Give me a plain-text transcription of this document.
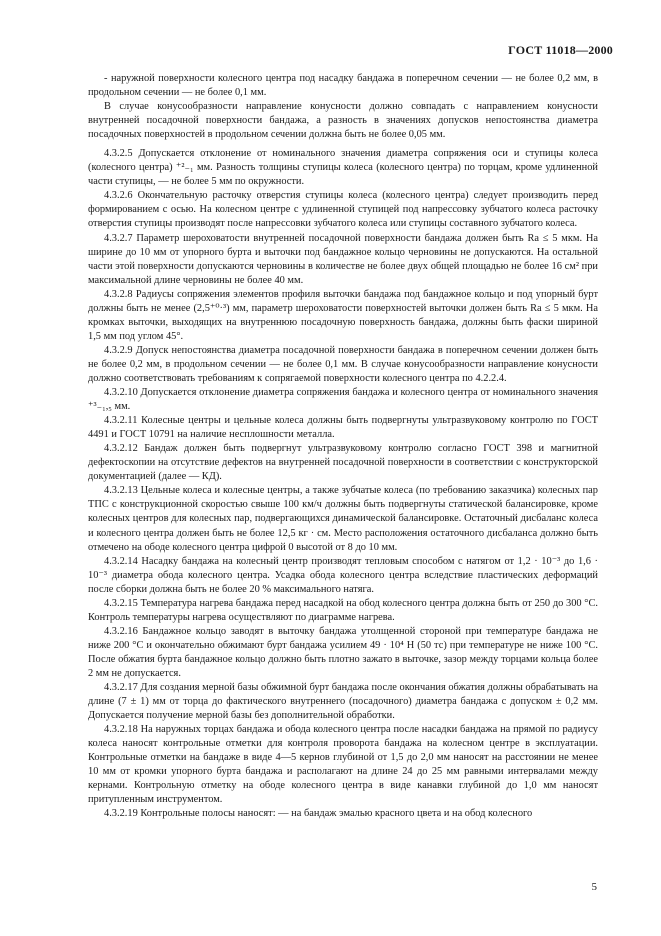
ГОСТ 11018—2000

- наружной поверхности колесного центра под насадку бандажа в поперечном сечении — не более 0,2 мм, в продольном сечении — не более 0,1 мм.

В случае конусообразности направление конусности должно совпадать с направлением конусности внутренней посадочной поверхности бандажа, а разность в значениях допусков непостоянства диаметра посадочных поверхностей в продольном сечении должна быть не более 0,05 мм.

4.3.2.5 Допускается отклонение от номинального значения диаметра сопряжения оси и ступицы колеса (колесного центра) ⁺²₋₁ мм. Разность толщины ступицы колеса (колесного центра) по торцам, кроме удлиненной части ступицы, — не более 5 мм по окружности.

4.3.2.6 Окончательную расточку отверстия ступицы колеса (колесного центра) следует производить перед формированием с осью. На колесном центре с удлиненной ступицей под напрессовку зубчатого колеса расточку отверстия ступицы производят после напрессовки зубчатого колеса или ступицы составного зубчатого колеса.

4.3.2.7 Параметр шероховатости внутренней посадочной поверхности бандажа должен быть Ra ≤ 5 мкм. На ширине до 10 мм от упорного бурта и выточки под бандажное кольцо черновины не допускаются. На остальной части этой поверхности допускаются черновины в количестве не более двух общей площадью не более 16 см² при максимальной длине черновины не более 40 мм.

4.3.2.8 Радиусы сопряжения элементов профиля выточки бандажа под бандажное кольцо и под упорный бурт должны быть не менее (2,5⁺⁰·³) мм, параметр шероховатости поверхностей выточки должен быть Ra ≤ 5 мкм. На кромках выточки, выходящих на внутреннюю посадочную поверхность бандажа, должны быть фаски шириной 1,5 мм под углом 45°.

4.3.2.9 Допуск непостоянства диаметра посадочной поверхности бандажа в поперечном сечении должен быть не более 0,2 мм, в продольном сечении — не более 0,1 мм. В случае конусообразности направление конусности должно соответствовать требованиям к сопрягаемой поверхности колесного центра по 4.2.2.4.

4.3.2.10 Допускается отклонение диаметра сопряжения бандажа и колесного центра от номинального значения ⁺³₋₁,₅ мм.

4.3.2.11 Колесные центры и цельные колеса должны быть подвергнуты ультразвуковому контролю по ГОСТ 4491 и ГОСТ 10791 на наличие несплошности металла.

4.3.2.12 Бандаж должен быть подвергнут ультразвуковому контролю согласно ГОСТ 398 и магнитной дефектоскопии на отсутствие дефектов на внутренней посадочной поверхности в соответствии с конструкторской документацией (далее — КД).

4.3.2.13 Цельные колеса и колесные центры, а также зубчатые колеса (по требованию заказчика) колесных пар ТПС с конструкционной скоростью свыше 100 км/ч должны быть подвергнуты статической балансировке, кроме колесных центров для колесных пар, подвергающихся динамической балансировке. Остаточный дисбаланс колеса и колесного центра должен быть не более 12,5 кг · см. Место расположения остаточного дисбаланса должно быть отмечено на ободе колесного центра цифрой 0 высотой от 8 до 10 мм.

4.3.2.14 Насадку бандажа на колесный центр производят тепловым способом с натягом от 1,2 · 10⁻³ до 1,6 · 10⁻³ диаметра обода колесного центра. Усадка обода колесного центра вследствие пластических деформаций после сборки должна быть не более 20 % максимального натяга.

4.3.2.15 Температура нагрева бандажа перед насадкой на обод колесного центра должна быть от 250 до 300 °С. Контроль температуры нагрева осуществляют по диаграмме нагрева.

4.3.2.16 Бандажное кольцо заводят в выточку бандажа утолщенной стороной при температуре бандажа не ниже 200 °С и окончательно обжимают бурт бандажа усилием 49 · 10⁴ Н (50 тс) при температуре не ниже 100 °С. После обжатия бурта бандажное кольцо должно быть плотно зажато в выточке, зазор между торцами кольца более 2 мм не допускается.

4.3.2.17 Для создания мерной базы обжимной бурт бандажа после окончания обжатия должны обрабатывать на длине (7 ± 1) мм от торца до фактического внутреннего (посадочного) диаметра бандажа с допуском ± 0,2 мм. Допускается получение мерной базы без дополнительной обработки.

4.3.2.18 На наружных торцах бандажа и обода колесного центра после насадки бандажа на прямой по радиусу колеса наносят контрольные отметки для контроля проворота бандажа на колесном центре в эксплуатации. Контрольные отметки на бандаже в виде 4—5 кернов глубиной от 1,5 до 2,0 мм наносят на расстоянии не менее 10 мм от кромки упорного бурта бандажа и располагают на длине 24 до 25 мм равными интервалами между кернами. Контрольную отметку на ободе колесного центра в виде канавки глубиной до 1,0 мм наносят притупленным инструментом.

4.3.2.19 Контрольные полосы наносят: — на бандаж эмалью красного цвета и на обод колесного

5
